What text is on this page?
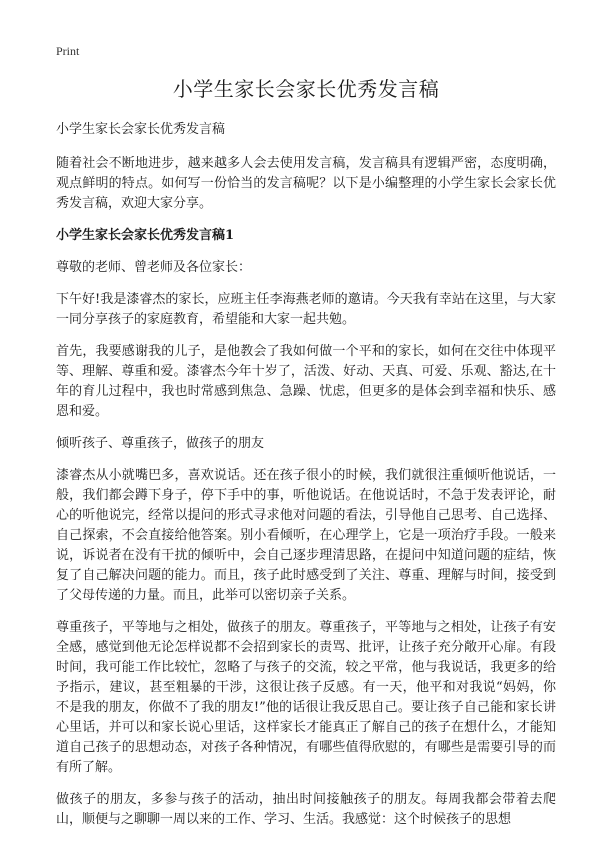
Print
小学生家长会家长优秀发言稿
小学生家长会家长优秀发言稿

随着社会不断地进步，越来越多人会去使用发言稿，发言稿具有逻辑严密，态度明确，观点鲜明的特点。如何写一份恰当的发言稿呢？以下是小编整理的小学生家长会家长优秀发言稿，欢迎大家分享。

小学生家长会家长优秀发言稿1

尊敬的老师、曾老师及各位家长：

下午好!我是漆睿杰的家长，应班主任李海燕老师的邀请。今天我有幸站在这里，与大家一同分享孩子的家庭教育，希望能和大家一起共勉。

首先，我要感谢我的儿子，是他教会了我如何做一个平和的家长，如何在交往中体现平等、理解、尊重和爱。漆睿杰今年十岁了，活泼、好动、天真、可爱、乐观、豁达,在十年的育儿过程中，我也时常感到焦急、急躁、忧虑，但更多的是体会到幸福和快乐、感恩和爱。

倾听孩子、尊重孩子，做孩子的朋友

漆睿杰从小就嘴巴多，喜欢说话。还在孩子很小的时候，我们就很注重倾听他说话，一般，我们都会蹲下身子，停下手中的事，听他说话。在他说话时，不急于发表评论，耐心的听他说完，经常以提问的形式寻求他对问题的看法，引导他自己思考、自己选择、自己探索，不会直接给他答案。别小看倾听，在心理学上，它是一项治疗手段。一般来说，诉说者在没有干扰的倾听中，会自己逐步理清思路，在提问中知道问题的症结，恢复了自己解决问题的能力。而且，孩子此时感受到了关注、尊重、理解与时间，接受到了父母传递的力量。而且，此举可以密切亲子关系。

尊重孩子，平等地与之相处，做孩子的朋友。尊重孩子，平等地与之相处，让孩子有安全感，感觉到他无论怎样说都不会招到家长的责骂、批评，让孩子充分敞开心扉。有段时间，我可能工作比较忙，忽略了与孩子的交流，较之平常，他与我说话，我更多的给予指示，建议，甚至粗暴的干涉，这很让孩子反感。有一天，他平和对我说“妈妈，你不是我的朋友，你做不了我的朋友!”他的话很让我反思自己。要让孩子自己能和家长讲心里话，并可以和家长说心里话，这样家长才能真正了解自己的孩子在想什么，才能知道自己孩子的思想动态，对孩子各种情况，有哪些值得欣慰的，有哪些是需要引导的而有所了解。

做孩子的朋友，多参与孩子的活动，抽出时间接触孩子的朋友。每周我都会带着去爬山，顺便与之聊聊一周以来的工作、学习、生活。我感觉：这个时候孩子的思想
